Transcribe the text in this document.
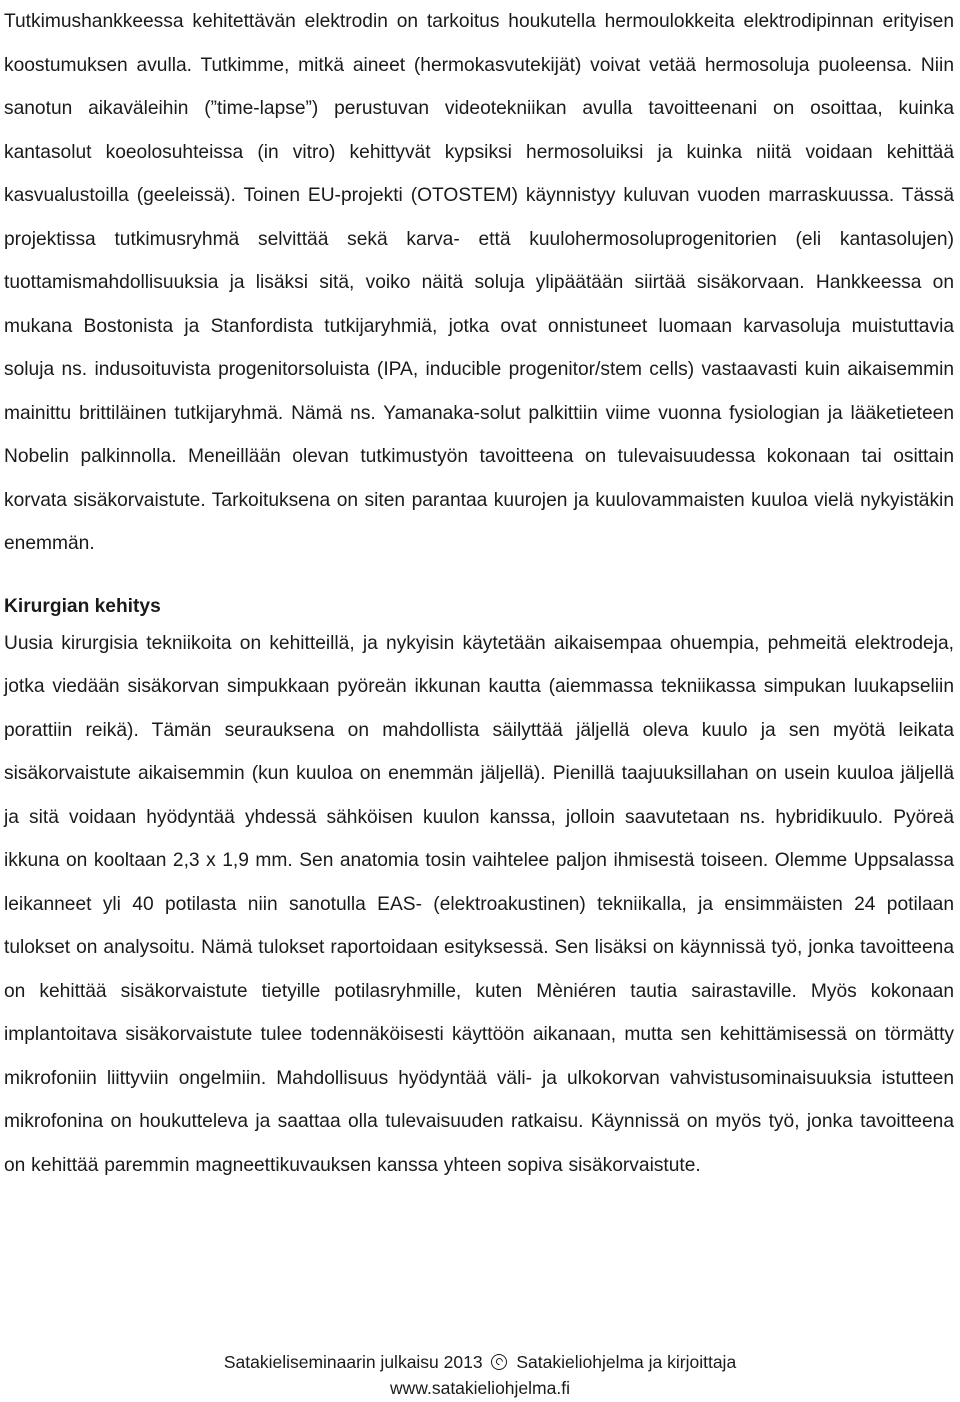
Tutkimushankkeessa kehitettävän elektrodin on tarkoitus houkutella hermoulokkeita elektrodipinnan erityisen koostumuksen avulla. Tutkimme, mitkä aineet (hermokasvutekijät) voivat vetää hermosoluja puoleensa. Niin sanotun aikaväleihin (”time-lapse”) perustuvan videotekniikan avulla tavoitteenani on osoittaa, kuinka kantasolut koeolosuhteissa (in vitro) kehittyvät kypsiksi hermosoluiksi ja kuinka niitä voidaan kehittää kasvualustoilla (geeleissä). Toinen EU-projekti (OTOSTEM) käynnistyy kuluvan vuoden marraskuussa. Tässä projektissa tutkimusryhmä selvittää sekä karva- että kuulohermosoluprogenitorien (eli kantasolujen) tuottamismahdollisuuksia ja lisäksi sitä, voiko näitä soluja ylipäätään siirtää sisäkorvaan. Hankkeessa on mukana Bostonista ja Stanfordista tutkijaryhmiä, jotka ovat onnistuneet luomaan karvasoluja muistuttavia soluja ns. indusoituvista progenitorsoluista (IPA, inducible progenitor/stem cells) vastaavasti kuin aikaisemmin mainittu brittiläinen tutkijaryhmä. Nämä ns. Yamanaka-solut palkittiin viime vuonna fysiologian ja lääketieteen Nobelin palkinnolla. Meneillään olevan tutkimustyön tavoitteena on tulevaisuudessa kokonaan tai osittain korvata sisäkorvaistute. Tarkoituksena on siten parantaa kuurojen ja kuulovammaisten kuuloa vielä nykyistäkin enemmän.

Kirurgian kehitys

Uusia kirurgisia tekniikoita on kehitteillä, ja nykyisin käytetään aikaisempaa ohuempia, pehmeitä elektrodeja, jotka viedään sisäkorvan simpukkaan pyöreän ikkunan kautta (aiemmassa tekniikassa simpukan luukapseliin porattiin reikä). Tämän seurauksena on mahdollista säilyttää jäljellä oleva kuulo ja sen myötä leikata sisäkorvaistute aikaisemmin (kun kuuloa on enemmän jäljellä). Pienillä taajuuksillahan on usein kuuloa jäljellä ja sitä voidaan hyödyntää yhdessä sähköisen kuulon kanssa, jolloin saavutetaan ns. hybridikuulo. Pyöreä ikkuna on kooltaan 2,3 x 1,9 mm. Sen anatomia tosin vaihtelee paljon ihmisestä toiseen. Olemme Uppsalassa leikanneet yli 40 potilasta niin sanotulla EAS- (elektroakustinen) tekniikalla, ja ensimmäisten 24 potilaan tulokset on analysoitu. Nämä tulokset raportoidaan esityksessä. Sen lisäksi on käynnissä työ, jonka tavoitteena on kehittää sisäkorvaistute tietyille potilasryhmille, kuten Mèniéren tautia sairastaville. Myös kokonaan implantoitava sisäkorvaistute tulee todennäköisesti käyttöön aikanaan, mutta sen kehittämisessä on törmätty mikrofoniin liittyviin ongelmiin. Mahdollisuus hyödyntää väli- ja ulkokorvan vahvistusominaisuuksia istutteen mikrofonina on houkutteleva ja saattaa olla tulevaisuuden ratkaisu. Käynnissä on myös työ, jonka tavoitteena on kehittää paremmin magneettikuvauksen kanssa yhteen sopiva sisäkorvaistute.

Satakieliseminaarin julkaisu 2013 Satakieliohjelma ja kirjoittaja
www.satakieliohjelma.fi
